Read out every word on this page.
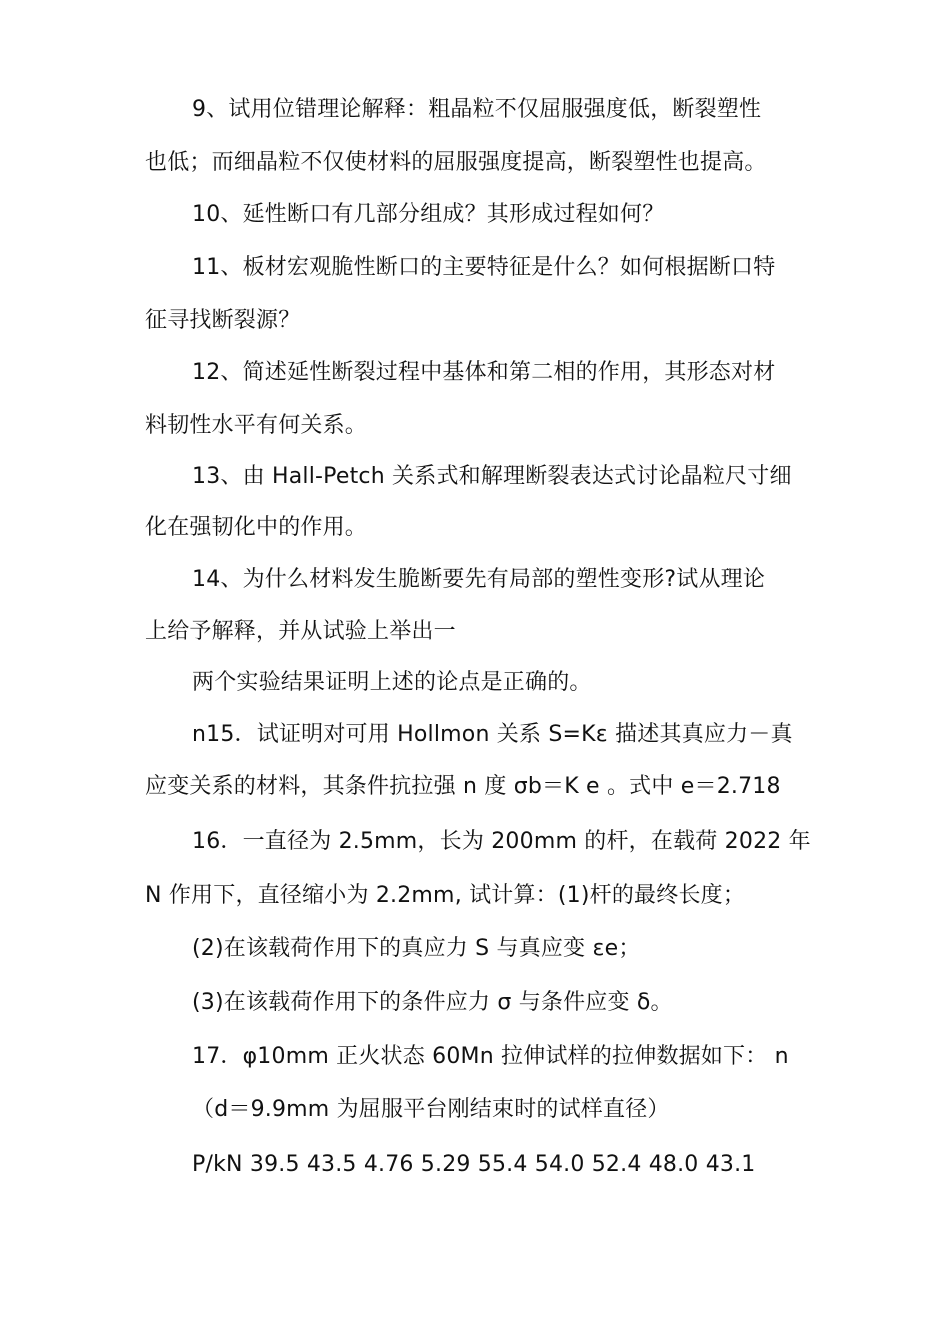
9、试用位错理论解释：粗晶粒不仅屈服强度低，断裂塑性
也低；而细晶粒不仅使材料的屈服强度提高，断裂塑性也提高。
10、延性断口有几部分组成？其形成过程如何？
11、板材宏观脆性断口的主要特征是什么？如何根据断口特
征寻找断裂源？
12、简述延性断裂过程中基体和第二相的作用，其形态对材
料韧性水平有何关系。
13、由 Hall-Petch 关系式和解理断裂表达式讨论晶粒尺寸细
化在强韧化中的作用。
14、为什么材料发生脆断要先有局部的塑性变形?试从理论
上给予解释，并从试验上举出一
两个实验结果证明上述的论点是正确的。
n15．试证明对可用 Hollmon 关系 S=Kε 描述其真应力－真
应变关系的材料，其条件抗拉强 n 度 σb＝K e 。式中 e＝2.718
16．一直径为 2.5mm，长为 200mm 的杆，在载荷 2022 年
N 作用下，直径缩小为 2.2mm, 试计算：(1)杆的最终长度；
(2)在该载荷作用下的真应力 S 与真应变 εe；
(3)在该载荷作用下的条件应力 σ 与条件应变 δ。
17．φ10mm 正火状态 60Mn 拉伸试样的拉伸数据如下： n
（d＝9.9mm 为屈服平台刚结束时的试样直径）
P/kN 39.5 43.5 4.76 5.29 55.4 54.0 52.4 48.0 43.1
